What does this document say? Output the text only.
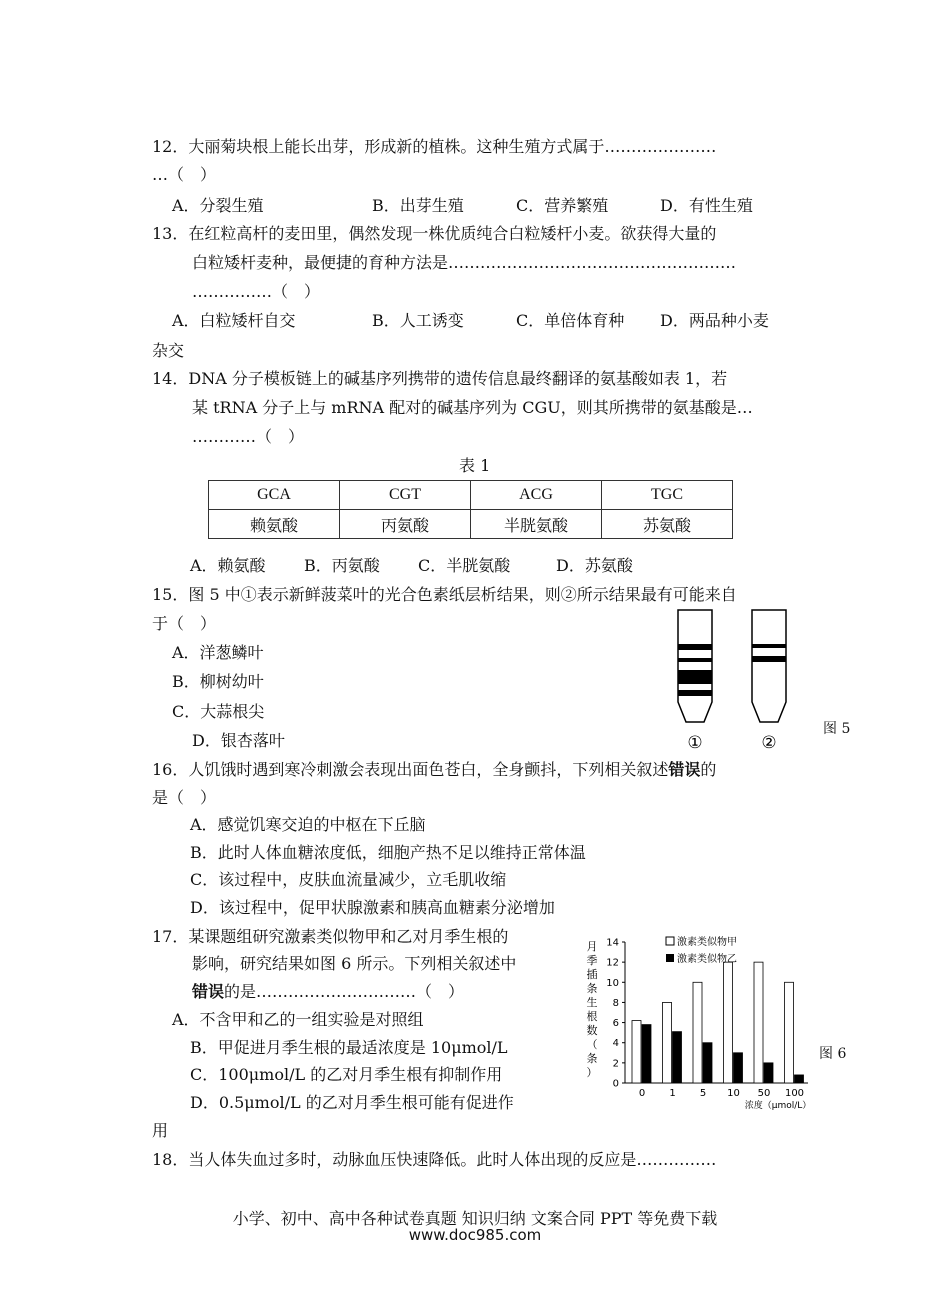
12．大丽菊块根上能长出芽，形成新的植株。这种生殖方式属于…………………
…（　）
A．分裂生殖	B．出芽生殖	C．营养繁殖	D．有性生殖
13．在红粒高杆的麦田里，偶然发现一株优质纯合白粒矮杆小麦。欲获得大量的
白粒矮杆麦种，最便捷的育种方法是………………………………………………
……………（　）
A．白粒矮杆自交	B．人工诱变	C．单倍体育种 D．两品种小麦
杂交
14．DNA 分子模板链上的碱基序列携带的遗传信息最终翻译的氨基酸如表 1，若
某 tRNA 分子上与 mRNA 配对的碱基序列为 CGU，则其所携带的氨基酸是…
…………（　）
表 1
GCA	CGT	ACG	TGC
赖氨酸	丙氨酸	半胱氨酸	苏氨酸
A．赖氨酸 B．丙氨酸 C．半胱氨酸	D．苏氨酸
15．图 5 中①表示新鲜菠菜叶的光合色素纸层析结果，则②所示结果最有可能来自
于（　）
A．洋葱鳞叶
B．柳树幼叶
C．大蒜根尖
D．银杏落叶	①	②
图 5
16．人饥饿时遇到寒冷刺激会表现出面色苍白，全身颤抖，下列相关叙述错误的
是（　）
A．感觉饥寒交迫的中枢在下丘脑
B．此时人体血糖浓度低，细胞产热不足以维持正常体温
C．该过程中，皮肤血流量减少，立毛肌收缩
D．该过程中，促甲状腺激素和胰高血糖素分泌增加
17．某课题组研究激素类似物甲和乙对月季生根的
影响，研究结果如图 6 所示。下列相关叙述中
错误的是…………………………（　）
A．不含甲和乙的一组实验是对照组
B．甲促进月季生根的最适浓度是 10μmol/L
C．100μmol/L 的乙对月季生根有抑制作用
D．0.5μmol/L 的乙对月季生根可能有促进作
用
月
季
插
条
生
根
数
（
条
）
0
2
4
6
8
10
12
14
0 1 5 10 50 100
激素类似物甲
激素类似物乙
浓度（μmol/L）
图 6
18．当人体失血过多时，动脉血压快速降低。此时人体出现的反应是……………
小学、初中、高中各种试卷真题 知识归纳 文案合同 PPT 等免费下载
www.doc985.com
